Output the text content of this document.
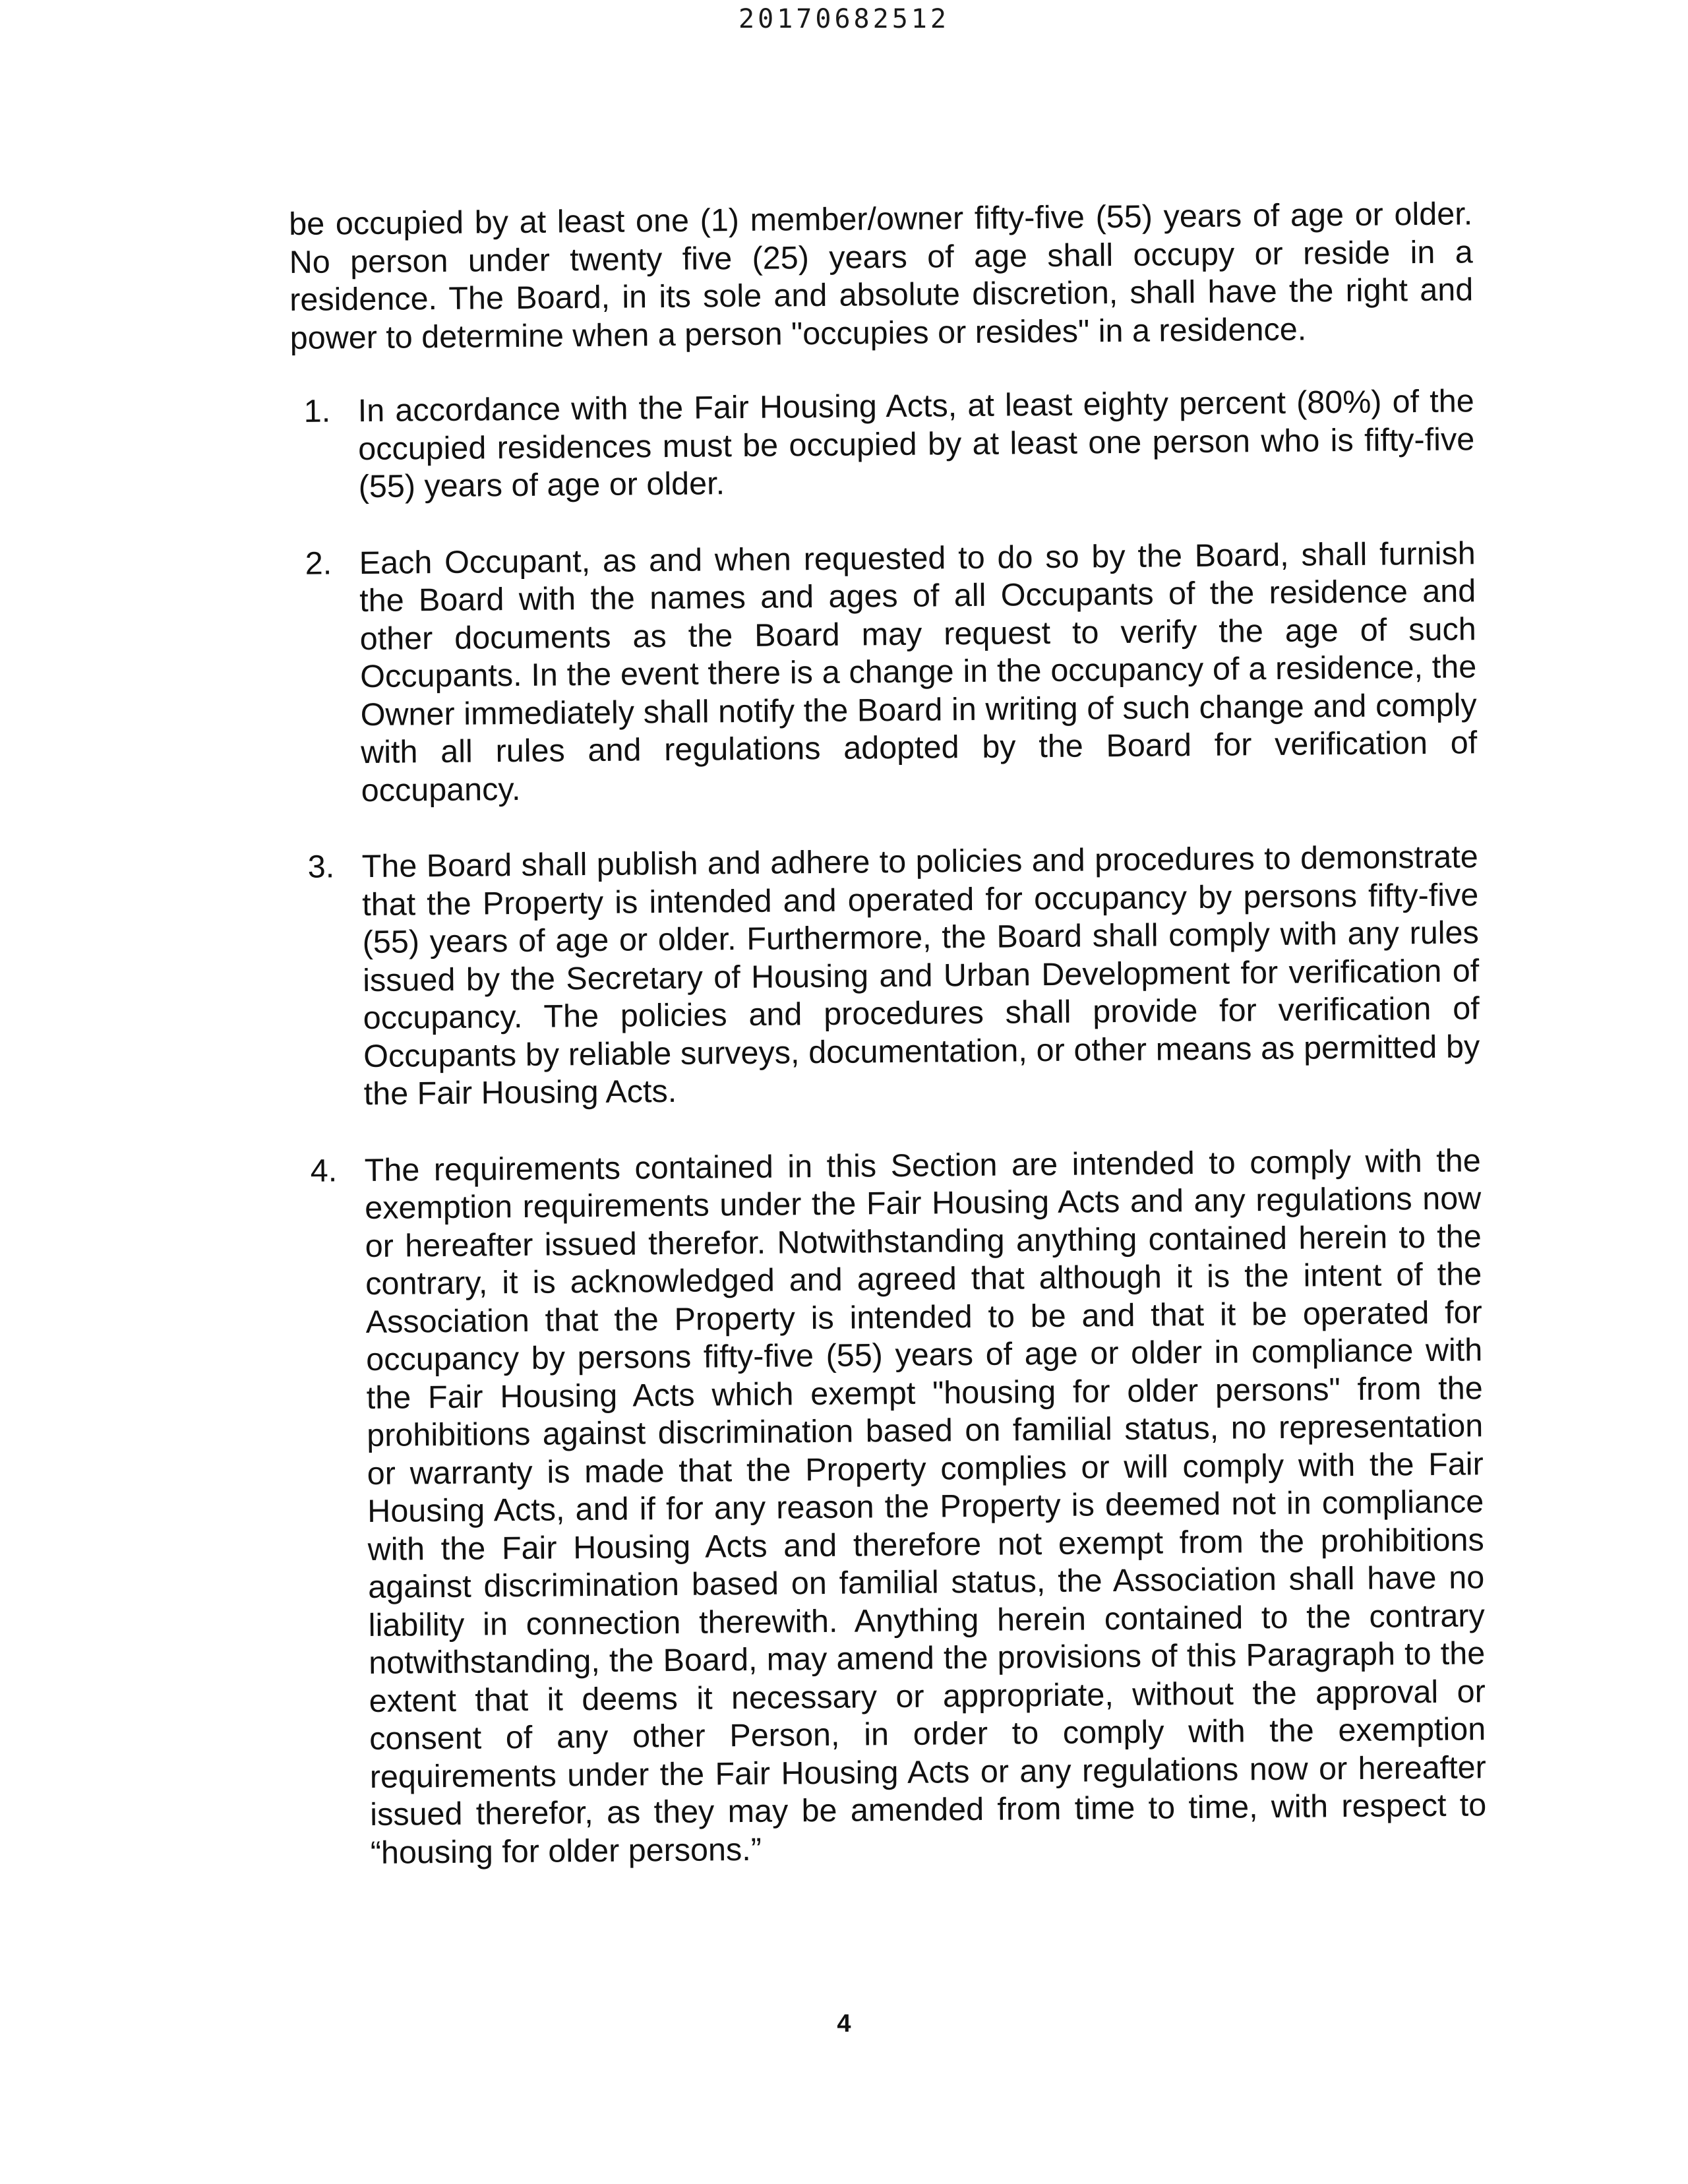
20170682512

be occupied by at least one (1) member/owner fifty-five (55) years of age or older. No person under twenty five (25) years of age shall occupy or reside in a residence. The Board, in its sole and absolute discretion, shall have the right and power to determine when a person "occupies or resides" in a residence.

1. In accordance with the Fair Housing Acts, at least eighty percent (80%) of the occupied residences must be occupied by at least one person who is fifty-five (55) years of age or older.

2. Each Occupant, as and when requested to do so by the Board, shall furnish the Board with the names and ages of all Occupants of the residence and other documents as the Board may request to verify the age of such Occupants. In the event there is a change in the occupancy of a residence, the Owner immediately shall notify the Board in writing of such change and comply with all rules and regulations adopted by the Board for verification of occupancy.

3. The Board shall publish and adhere to policies and procedures to demonstrate that the Property is intended and operated for occupancy by persons fifty-five (55) years of age or older. Furthermore, the Board shall comply with any rules issued by the Secretary of Housing and Urban Development for verification of occupancy. The policies and procedures shall provide for verification of Occupants by reliable surveys, documentation, or other means as permitted by the Fair Housing Acts.

4. The requirements contained in this Section are intended to comply with the exemption requirements under the Fair Housing Acts and any regulations now or hereafter issued therefor. Notwithstanding anything contained herein to the contrary, it is acknowledged and agreed that although it is the intent of the Association that the Property is intended to be and that it be operated for occupancy by persons fifty-five (55) years of age or older in compliance with the Fair Housing Acts which exempt "housing for older persons" from the prohibitions against discrimination based on familial status, no representation or warranty is made that the Property complies or will comply with the Fair Housing Acts, and if for any reason the Property is deemed not in compliance with the Fair Housing Acts and therefore not exempt from the prohibitions against discrimination based on familial status, the Association shall have no liability in connection therewith. Anything herein contained to the contrary notwithstanding, the Board, may amend the provisions of this Paragraph to the extent that it deems it necessary or appropriate, without the approval or consent of any other Person, in order to comply with the exemption requirements under the Fair Housing Acts or any regulations now or hereafter issued therefor, as they may be amended from time to time, with respect to “housing for older persons.”

4
